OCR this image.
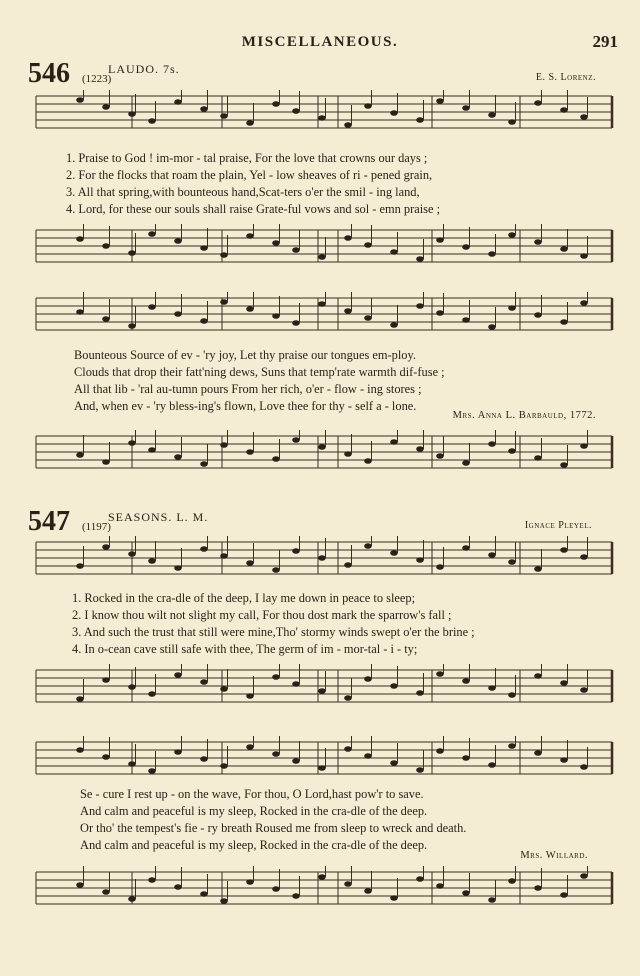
MISCELLANEOUS.	291
546 (1223)
LAUDO. 7s.
E. S. Lorenz.
1. Praise to God ! im-mor - tal praise, For the love that crowns our days ;
2. For the flocks that roam the plain, Yel - low sheaves of ri - pened grain,
3. All that spring,with bounteous hand,Scat-ters o'er the smil - ing land,
4. Lord, for these our souls shall raise Grate-ful vows and sol - emn praise ;
Bounteous Source of ev - 'ry joy, Let thy praise our tongues em-ploy.
Clouds that drop their fatt'ning dews, Suns that temp'rate warmth dif-fuse ;
All that lib - 'ral au-tumn pours From her rich, o'er - flow - ing stores ;
And, when ev - 'ry bless-ing's flown, Love thee for thy - self a - lone.
Mrs. Anna L. Barbauld, 1772.
547 (1197)
SEASONS. L. M.
Ignace Pleyel.
1. Rocked in the cra-dle of the deep, I lay me down in peace to sleep;
2. I know thou wilt not slight my call, For thou dost mark the sparrow's fall ;
3. And such the trust that still were mine,Tho' stormy winds swept o'er the brine ;
4. In o-cean cave still safe with thee, The germ of im - mor-tal - i - ty;
Se - cure I rest up - on the wave, For thou, O Lord,hast pow'r to save.
And calm and peaceful is my sleep, Rocked in the cra-dle of the deep.
Or tho' the tempest's fie - ry breath Roused me from sleep to wreck and death.
And calm and peaceful is my sleep, Rocked in the cra-dle of the deep.
Mrs. Willard.
